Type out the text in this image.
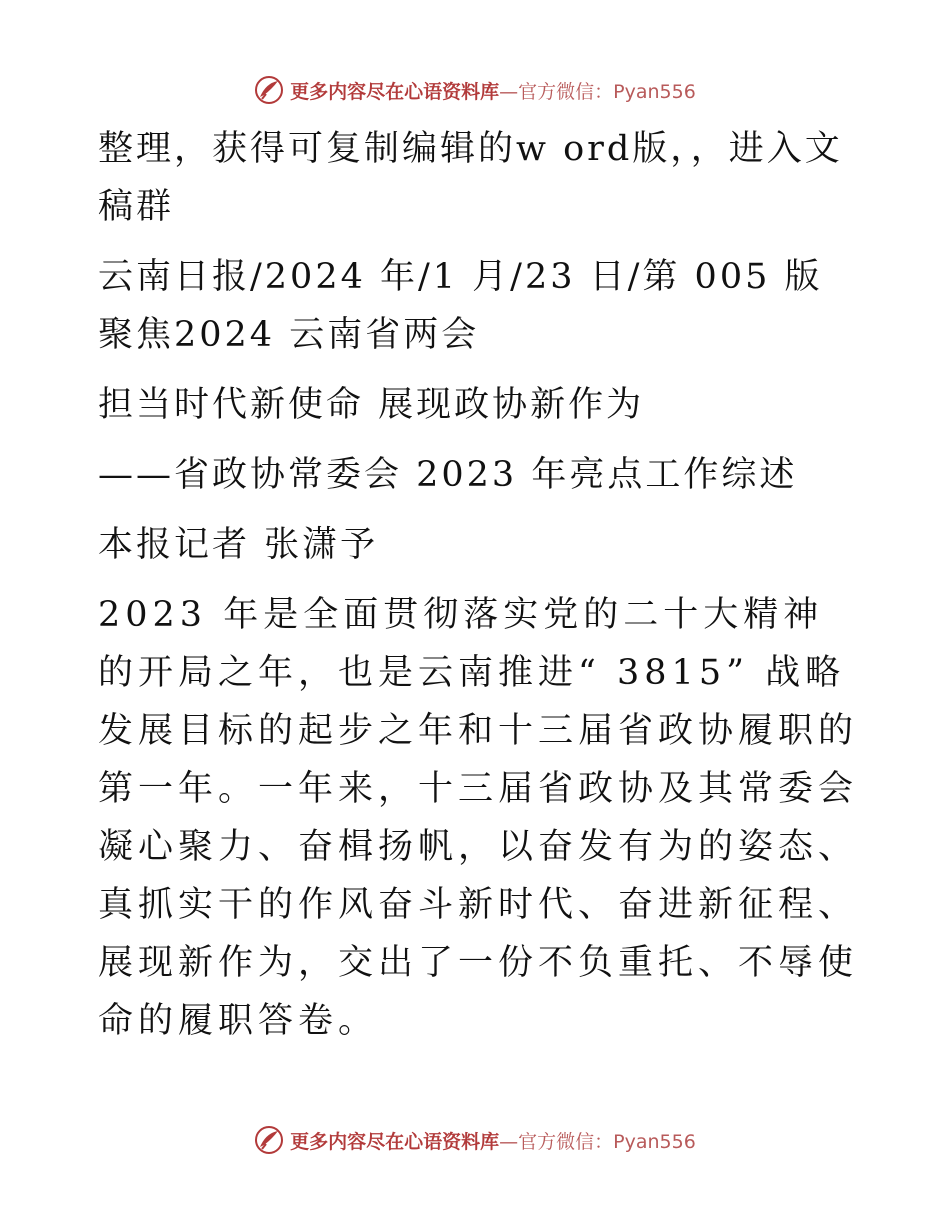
更多内容尽在心语资料库 —官方微信：Pyan556

整理，获得可复制编辑的w ord版，，进入文稿群

云南日报/2024 年/1 月/23 日/第 005 版聚焦2024 云南省两会

担当时代新使命 展现政协新作为

——省政协常委会 2023 年亮点工作综述

本报记者 张潇予

2023 年是全面贯彻落实党的二十大精神的开局之年，也是云南推进“ 3815” 战略发展目标的起步之年和十三届省政协履职的第一年。一年来，十三届省政协及其常委会凝心聚力、奋楫扬帆，以奋发有为的姿态、真抓实干的作风奋斗新时代、奋进新征程、展现新作为，交出了一份不负重托、不辱使命的履职答卷。

更多内容尽在心语资料库 —官方微信：Pyan556
